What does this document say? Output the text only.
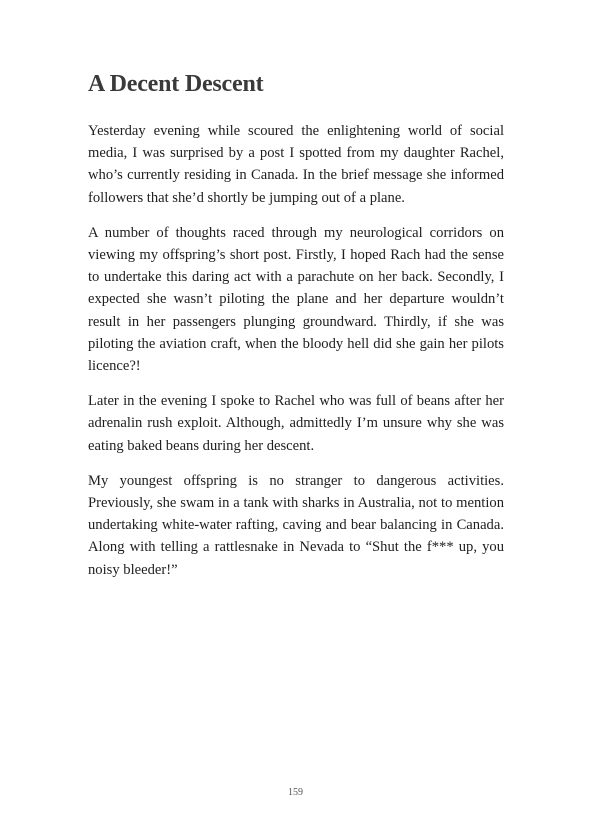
A Decent Descent

Yesterday evening while scoured the enlightening world of social media, I was surprised by a post I spotted from my daughter Rachel, who’s currently residing in Canada. In the brief message she informed followers that she’d shortly be jumping out of a plane.

A number of thoughts raced through my neurological corridors on viewing my offspring’s short post. Firstly, I hoped Rach had the sense to undertake this daring act with a parachute on her back. Secondly, I expected she wasn’t piloting the plane and her departure wouldn’t result in her passengers plunging groundward. Thirdly, if she was piloting the aviation craft, when the bloody hell did she gain her pilots licence?!

Later in the evening I spoke to Rachel who was full of beans after her adrenalin rush exploit. Although, admittedly I’m unsure why she was eating baked beans during her descent.

My youngest offspring is no stranger to dangerous activities. Previously, she swam in a tank with sharks in Australia, not to mention undertaking white-water rafting, caving and bear balancing in Canada. Along with telling a rattlesnake in Nevada to “Shut the f*** up, you noisy bleeder!”

159
